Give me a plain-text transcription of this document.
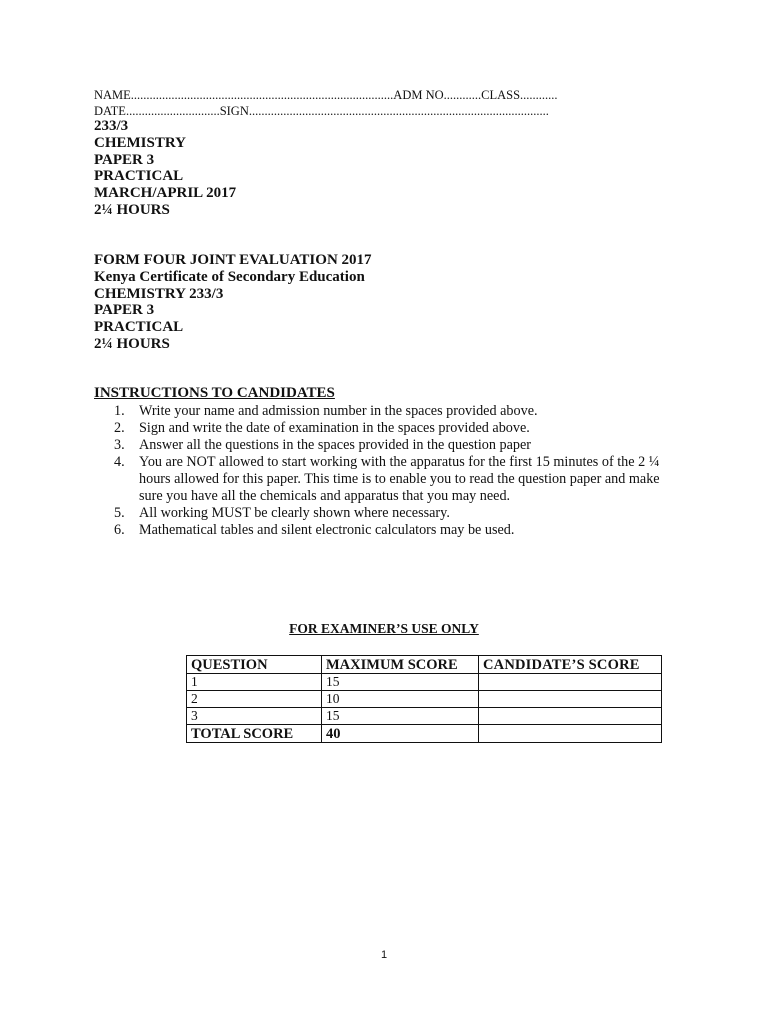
NAME....................................................................................ADM NO............CLASS............
DATE..............................SIGN................................................................................................
233/3
CHEMISTRY
PAPER 3
PRACTICAL
MARCH/APRIL 2017
2¼ HOURS
FORM FOUR JOINT EVALUATION 2017
Kenya Certificate of Secondary Education
CHEMISTRY 233/3
PAPER 3
PRACTICAL
2¼ HOURS
INSTRUCTIONS TO CANDIDATES
1. Write your name and admission number in the spaces provided above.
2. Sign and write the date of examination in the spaces provided above.
3. Answer all the questions in the spaces provided in the question paper
4. You are NOT allowed to start working with the apparatus for the first 15 minutes of the 2 ¼ hours allowed for this paper. This time is to enable you to read the question paper and make sure you have all the chemicals and apparatus that you may need.
5. All working MUST be clearly shown where necessary.
6. Mathematical tables and silent electronic calculators may be used.
FOR EXAMINER’S USE ONLY
QUESTION	MAXIMUM SCORE	CANDIDATE’S SCORE
1	15	
2	10	
3	15	
TOTAL SCORE	40	
1
